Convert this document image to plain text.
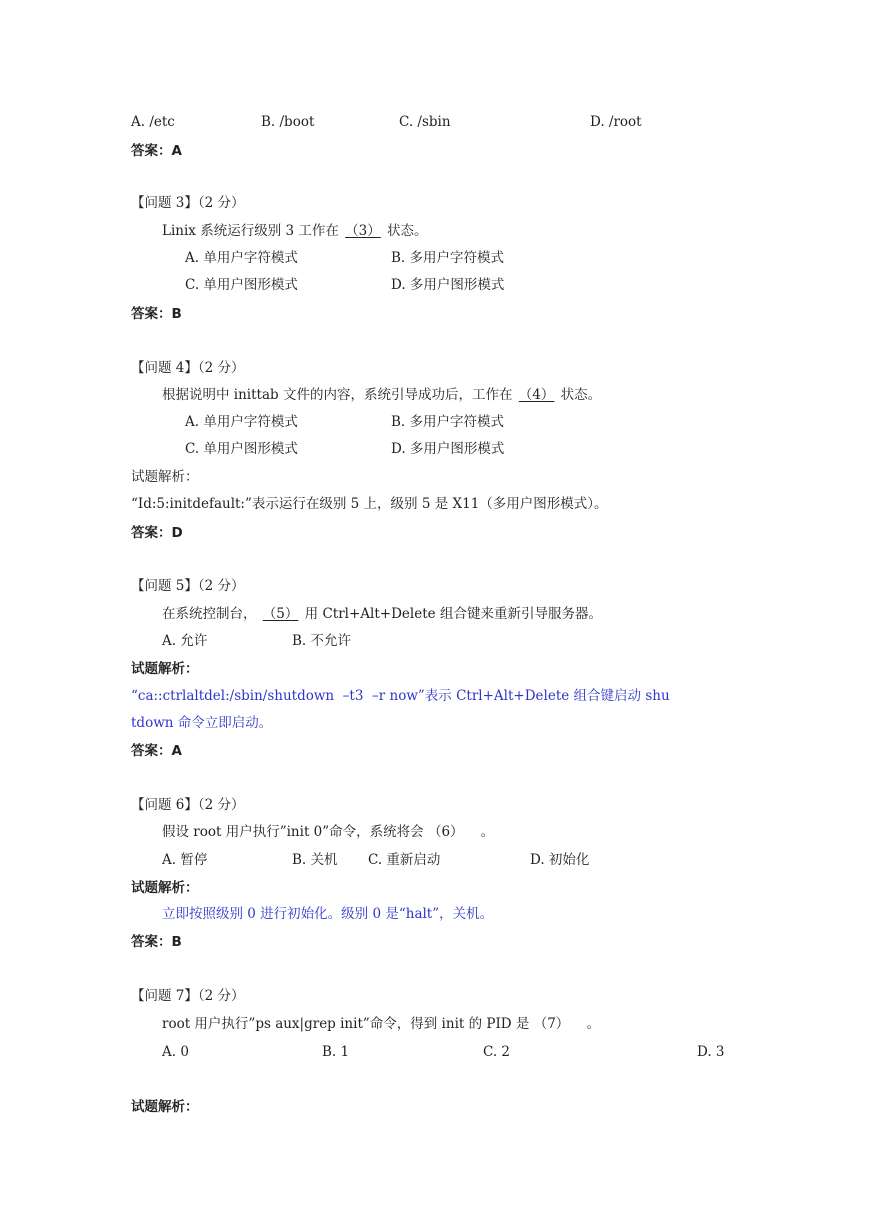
A. /etc	B. /boot	C. /sbin	D. /root
答案：A
【问题 3】（2 分）
Linix 系统运行级别 3 工作在 （3） 状态。
A. 单用户字符模式	B. 多用户字符模式
C. 单用户图形模式	D. 多用户图形模式
答案：B
【问题 4】（2 分）
根据说明中 inittab 文件的内容，系统引导成功后，工作在 （4） 状态。
A. 单用户字符模式	B. 多用户字符模式
C. 单用户图形模式	D. 多用户图形模式
试题解析：
“Id:5:initdefault:”表示运行在级别 5 上，级别 5 是 X11（多用户图形模式）。
答案：D
【问题 5】（2 分）
在系统控制台， （5） 用 Ctrl+Alt+Delete 组合键来重新引导服务器。
A. 允许	B. 不允许
试题解析：
“ca::ctrlaltdel:/sbin/shutdown  –t3  –r now”表示 Ctrl+Alt+Delete 组合键启动 shu
tdown 命令立即启动。
答案：A
【问题 6】（2 分）
假设 root 用户执行”init 0”命令，系统将会 （6）    。
A. 暂停	B. 关机 C. 重新启动	D. 初始化
试题解析：
立即按照级别 0 进行初始化。级别 0 是“halt”，关机。
答案：B
【问题 7】（2 分）
root 用户执行”ps aux|grep init”命令，得到 init 的 PID 是 （7）    。
A. 0	B. 1	C. 2	D. 3
试题解析：
